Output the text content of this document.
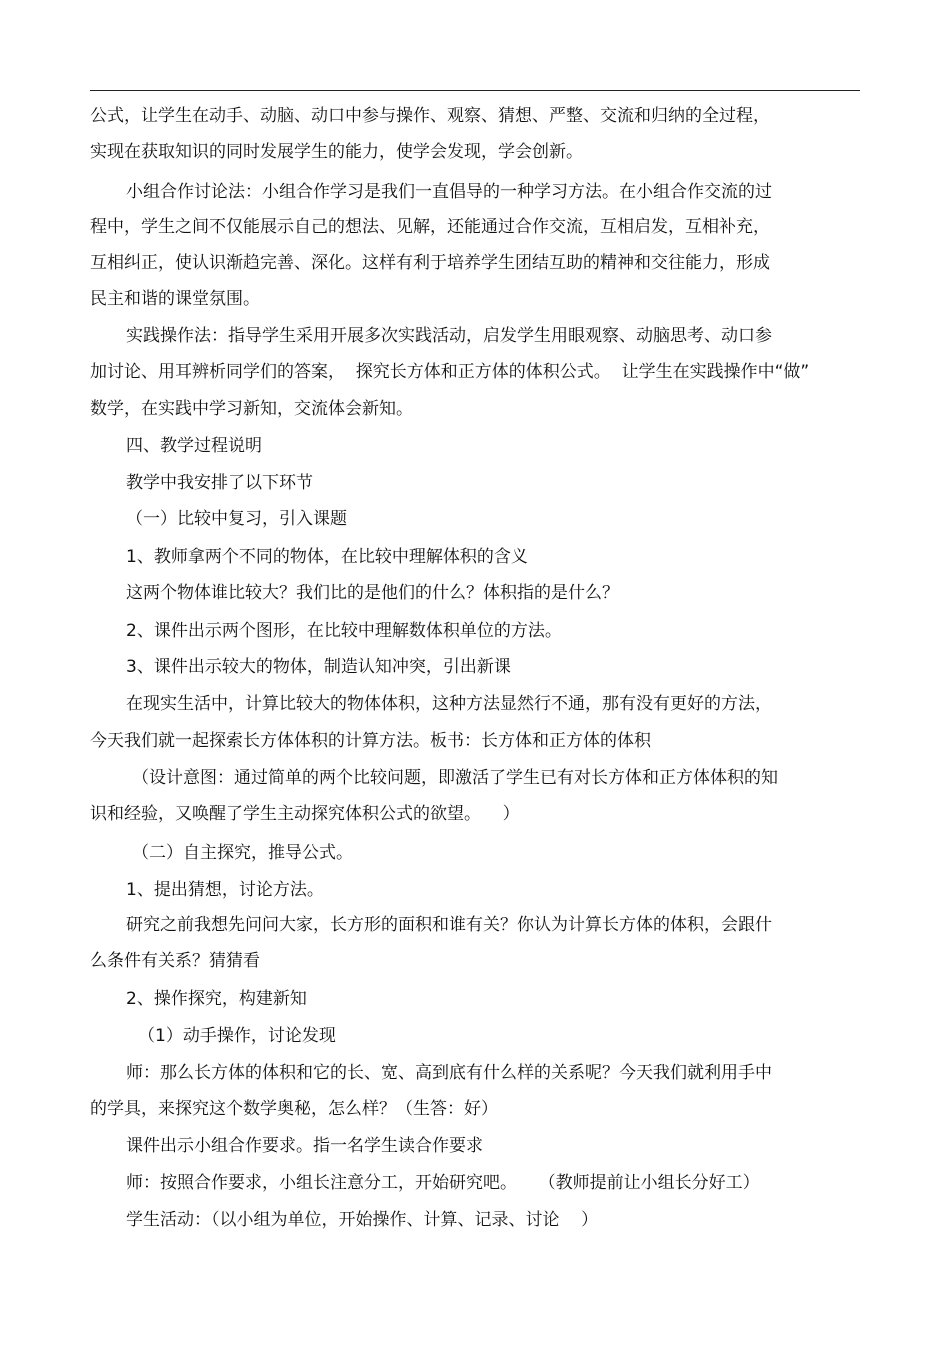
公式，让学生在动手、动脑、动口中参与操作、观察、猜想、严整、交流和归纳的全过程，
实现在获取知识的同时发展学生的能力，使学会发现，学会创新。
小组合作讨论法：小组合作学习是我们一直倡导的一种学习方法。在小组合作交流的过
程中，学生之间不仅能展示自己的想法、见解，还能通过合作交流，互相启发，互相补充，
互相纠正，使认识渐趋完善、深化。这样有利于培养学生团结互助的精神和交往能力，形成
民主和谐的课堂氛围。
实践操作法：指导学生采用开展多次实践活动，启发学生用眼观察、动脑思考、动口参
加讨论、用耳辨析同学们的答案，  探究长方体和正方体的体积公式。  让学生在实践操作中“做”
数学，在实践中学习新知，交流体会新知。
四、教学过程说明
教学中我安排了以下环节
（一）比较中复习，引入课题
1、教师拿两个不同的物体，在比较中理解体积的含义
这两个物体谁比较大？我们比的是他们的什么？体积指的是什么？
2、课件出示两个图形，在比较中理解数体积单位的方法。
3、课件出示较大的物体，制造认知冲突，引出新课
在现实生活中，计算比较大的物体体积，这种方法显然行不通，那有没有更好的方法，
今天我们就一起探索长方体体积的计算方法。板书：长方体和正方体的体积
（设计意图：通过简单的两个比较问题，即激活了学生已有对长方体和正方体体积的知
识和经验，又唤醒了学生主动探究体积公式的欲望。    ）
（二）自主探究，推导公式。
1、提出猜想，讨论方法。
研究之前我想先问问大家，长方形的面积和谁有关？你认为计算长方体的体积，会跟什
么条件有关系？猜猜看
2、操作探究，构建新知
（1）动手操作，讨论发现
师：那么长方体的体积和它的长、宽、高到底有什么样的关系呢？今天我们就利用手中
的学具，来探究这个数学奥秘，怎么样？（生答：好）
课件出示小组合作要求。指一名学生读合作要求
师：按照合作要求，小组长注意分工，开始研究吧。    （教师提前让小组长分好工）
学生活动：（以小组为单位，开始操作、计算、记录、讨论    ）
